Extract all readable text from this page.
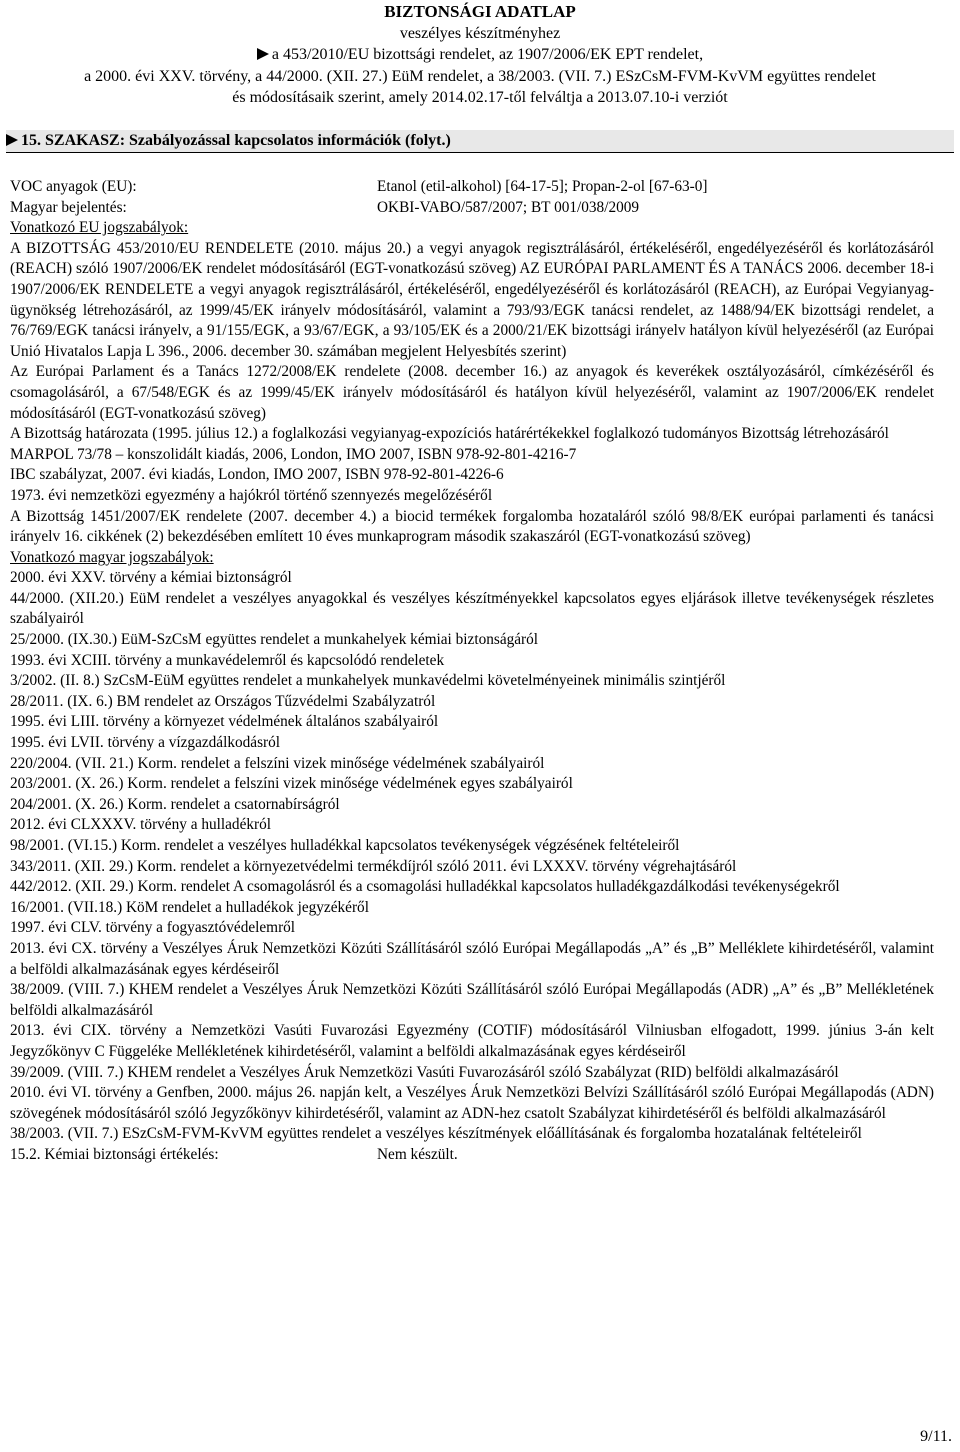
BIZTONSÁGI ADATLAP
veszélyes készítményhez
a 453/2010/EU bizottsági rendelet, az 1907/2006/EK EPT rendelet,
a 2000. évi XXV. törvény, a 44/2000. (XII. 27.) EüM rendelet, a 38/2003. (VII. 7.) ESzCsM-FVM-KvVM együttes rendelet
és módosításaik szerint, amely 2014.02.17-től felváltja a 2013.07.10-i verziót
15. SZAKASZ: Szabályozással kapcsolatos információk (folyt.)
VOC anyagok (EU):	Etanol (etil-alkohol) [64-17-5]; Propan-2-ol [67-63-0]
Magyar bejelentés:	OKBI-VABO/587/2007; BT 001/038/2009
Vonatkozó EU jogszabályok:

A BIZOTTSÁG 453/2010/EU RENDELETE (2010. május 20.) a vegyi anyagok regisztrálásáról, értékeléséről, engedélyezéséről és korlátozásáról (REACH) szóló 1907/2006/EK rendelet módosításáról (EGT-vonatkozású szöveg) AZ EURÓPAI PARLAMENT ÉS A TANÁCS 2006. december 18-i 1907/2006/EK RENDELETE a vegyi anyagok regisztrálásáról, értékeléséről, engedélyezéséről és korlátozásáról (REACH), az Európai Vegyianyag-ügynökség létrehozásáról, az 1999/45/EK irányelv módosításáról, valamint a 793/93/EGK tanácsi rendelet, az 1488/94/EK bizottsági rendelet, a 76/769/EGK tanácsi irányelv, a 91/155/EGK, a 93/67/EGK, a 93/105/EK és a 2000/21/EK bizottsági irányelv hatályon kívül helyezéséről (az Európai Unió Hivatalos Lapja L 396., 2006. december 30. számában megjelent Helyesbítés szerint)

Az Európai Parlament és a Tanács 1272/2008/EK rendelete (2008. december 16.) az anyagok és keverékek osztályozásáról, címkézéséről és csomagolásáról, a 67/548/EGK és az 1999/45/EK irányelv módosításáról és hatályon kívül helyezéséről, valamint az 1907/2006/EK rendelet módosításáról (EGT-vonatkozású szöveg)

A Bizottság határozata (1995. július 12.) a foglalkozási vegyianyag-expozíciós határértékekkel foglalkozó tudományos Bizottság létrehozásáról

MARPOL 73/78 – konszolidált kiadás, 2006, London, IMO 2007, ISBN 978-92-801-4216-7

IBC szabályzat, 2007. évi kiadás, London, IMO 2007, ISBN 978-92-801-4226-6

1973. évi nemzetközi egyezmény a hajókról történő szennyezés megelőzéséről

A Bizottság 1451/2007/EK rendelete (2007. december 4.) a biocid termékek forgalomba hozataláról szóló 98/8/EK európai parlamenti és tanácsi irányelv 16. cikkének (2) bekezdésében említett 10 éves munkaprogram második szakaszáról (EGT-vonatkozású szöveg)

Vonatkozó magyar jogszabályok:
2000. évi XXV. törvény a kémiai biztonságról

44/2000. (XII.20.) EüM rendelet a veszélyes anyagokkal és veszélyes készítményekkel kapcsolatos egyes eljárások illetve tevékenységek részletes szabályairól

25/2000. (IX.30.) EüM-SzCsM együttes rendelet a munkahelyek kémiai biztonságáról
1993. évi XCIII. törvény a munkavédelemről és kapcsolódó rendeletek
3/2002. (II. 8.) SzCsM-EüM együttes rendelet a munkahelyek munkavédelmi követelményeinek minimális szintjéről
28/2011. (IX. 6.) BM rendelet az Országos Tűzvédelmi Szabályzatról
1995. évi LIII. törvény a környezet védelmének általános szabályairól
1995. évi LVII. törvény a vízgazdálkodásról
220/2004. (VII. 21.) Korm. rendelet a felszíni vizek minősége védelmének szabályairól
203/2001. (X. 26.) Korm. rendelet a felszíni vizek minősége védelmének egyes szabályairól
204/2001. (X. 26.) Korm. rendelet a csatornabírságról
2012. évi CLXXXV. törvény a hulladékról
98/2001. (VI.15.) Korm. rendelet a veszélyes hulladékkal kapcsolatos tevékenységek végzésének feltételeiről
343/2011. (XII. 29.) Korm. rendelet a környezetvédelmi termékdíjról szóló 2011. évi LXXXV. törvény végrehajtásáról

442/2012. (XII. 29.) Korm. rendelet A csomagolásról és a csomagolási hulladékkal kapcsolatos hulladékgazdálkodási tevékenységekről

16/2001. (VII.18.) KöM rendelet a hulladékok jegyzékéről
1997. évi CLV. törvény a fogyasztóvédelemről

2013. évi CX. törvény a Veszélyes Áruk Nemzetközi Közúti Szállításáról szóló Európai Megállapodás „A” és „B” Melléklete kihirdetéséről, valamint a belföldi alkalmazásának egyes kérdéseiről

38/2009. (VIII. 7.) KHEM rendelet a Veszélyes Áruk Nemzetközi Közúti Szállításáról szóló Európai Megállapodás (ADR) „A” és „B” Mellékletének belföldi alkalmazásáról

2013. évi CIX. törvény a Nemzetközi Vasúti Fuvarozási Egyezmény (COTIF) módosításáról Vilniusban elfogadott, 1999. június 3-án kelt Jegyzőkönyv C Függeléke Mellékletének kihirdetéséről, valamint a belföldi alkalmazásának egyes kérdéseiről

39/2009. (VIII. 7.) KHEM rendelet a Veszélyes Áruk Nemzetközi Vasúti Fuvarozásáról szóló Szabályzat (RID) belföldi alkalmazásáról

2010. évi VI. törvény a Genfben, 2000. május 26. napján kelt, a Veszélyes Áruk Nemzetközi Belvízi Szállításáról szóló Európai Megállapodás (ADN) szövegének módosításáról szóló Jegyzőkönyv kihirdetéséről, valamint az ADN-hez csatolt Szabályzat kihirdetéséről és belföldi alkalmazásáról

38/2003. (VII. 7.) ESzCsM-FVM-KvVM együttes rendelet a veszélyes készítmények előállításának és forgalomba hozatalának feltételeiről

15.2. Kémiai biztonsági értékelés:	Nem készült.
9/11.
